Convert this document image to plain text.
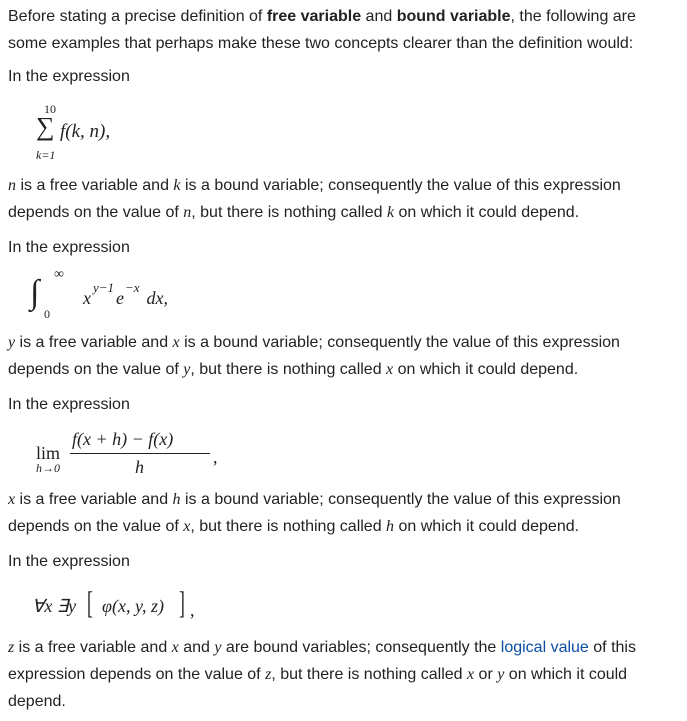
Before stating a precise definition of free variable and bound variable, the following are some examples that perhaps make these two concepts clearer than the definition would:

In the expression

10
∑
k=1
f(k, n),

n is a free variable and k is a bound variable; consequently the value of this expression depends on the value of n, but there is nothing called k on which it could depend.

In the expression

∫ ∞
0
x
y−1
e
−x
dx,

y is a free variable and x is a bound variable; consequently the value of this expression depends on the value of y, but there is nothing called x on which it could depend.

In the expression

lim
h→0
f(x + h) − f(x)
h	,

x is a free variable and h is a bound variable; consequently the value of this expression depends on the value of x, but there is nothing called h on which it could depend.

In the expression

∀x ∃y [ φ(x, y, z) ] ,

z is a free variable and x and y are bound variables; consequently the logical value of this expression depends on the value of z, but there is nothing called x or y on which it could depend.
